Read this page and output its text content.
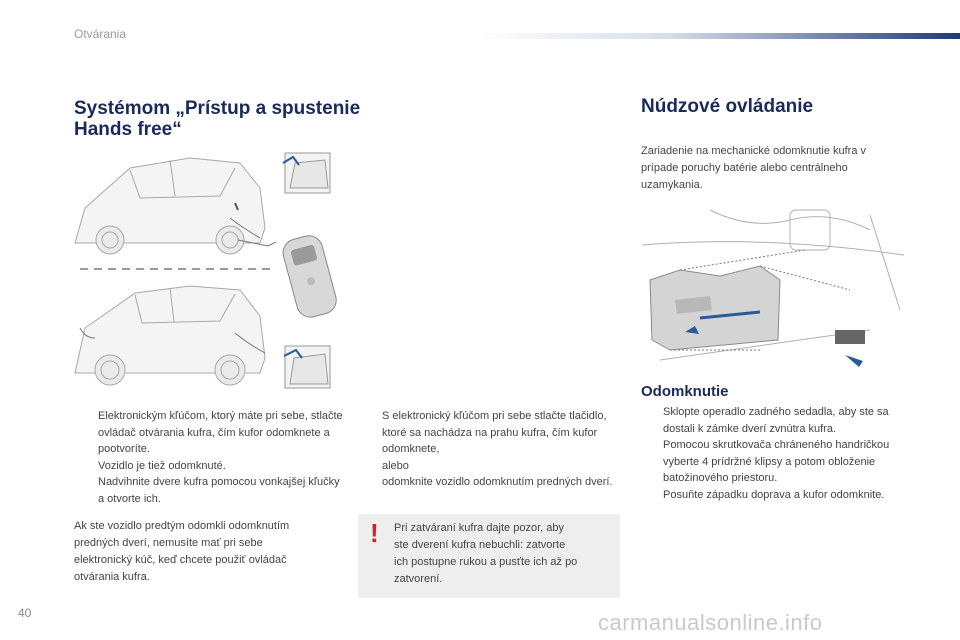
Otvárania
Systémom „Prístup a spustenie Hands free“
Núdzové ovládanie
Zariadenie na mechanické odomknutie kufra v prípade poruchy batérie alebo centrálneho uzamykania.
Odomknutie
Elektronickým kľúčom, ktorý máte pri sebe, stlačte ovládač otvárania kufra, čím kufor odomknete a pootvoríte.
Vozidlo je tiež odomknuté.
Nadvihnite dvere kufra pomocou vonkajšej kľučky a otvorte ich.
Ak ste vozidlo predtým odomkli odomknutím
predných dverí, nemusíte mať pri sebe
elektronický kúč, keď chcete použiť ovládač
otvárania kufra.
S elektronický kľúčom pri sebe stlačte tlačidlo, ktoré sa nachádza na prahu kufra, čím kufor odomknete,
alebo
odomknite vozidlo odomknutím predných dverí.
! Pri zatváraní kufra dajte pozor, aby
ste dverení kufra nebuchli: zatvorte
ich postupne rukou a pusťte ich až po
zatvorení.
Sklopte operadlo zadného sedadla, aby ste sa dostali k zámke dverí zvnútra kufra.
Pomocou skrutkovača chráneného handričkou vyberte 4 prídržné klipsy a potom obloženie batožinového priestoru.
Posuňte západku doprava a kufor odomknite.
40	carmanualsonline.info
